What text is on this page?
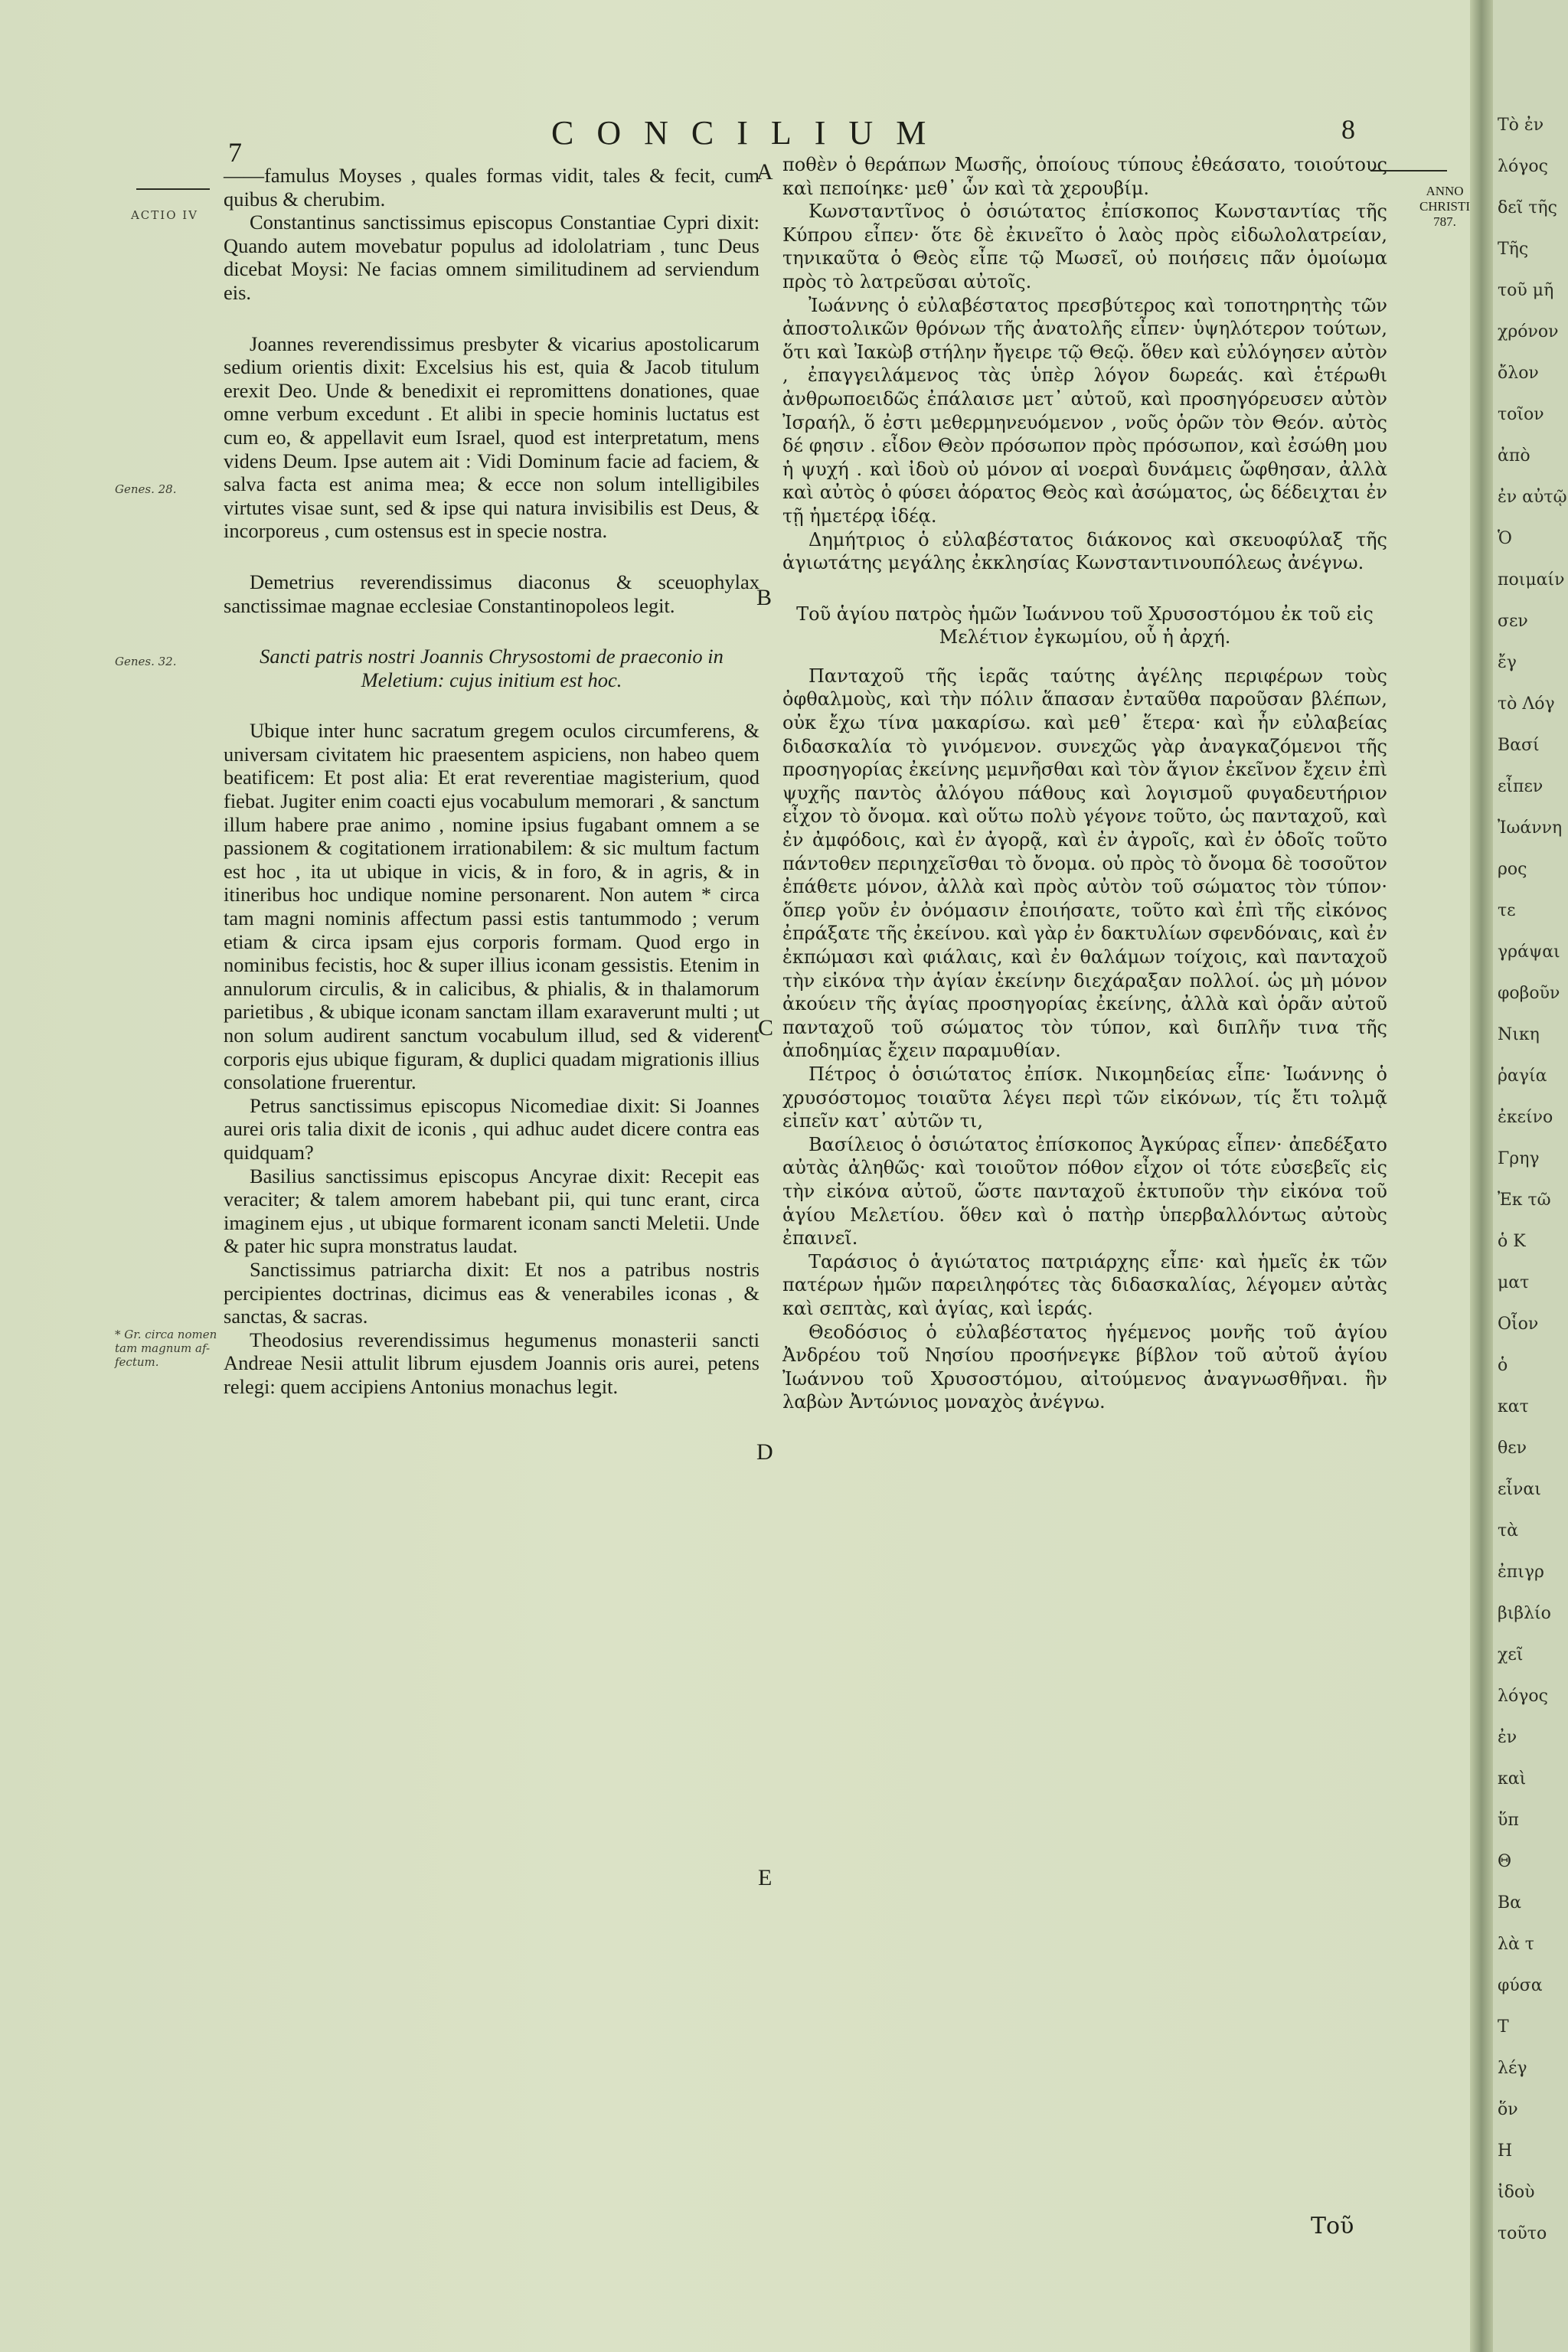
7
CONCILIUM	8
ACTIO IV
Genes. 28.
Genes. 32.
* Gr. circa nomen tam magnum af-fectum.
ANNO CHRISTI
787.
A
B
C
D
E

——famulus Moyses , quales formas vidit, tales & fecit, cum quibus & cherubim.

Constantinus sanctissimus episcopus Constantiae Cypri dixit: Quando autem movebatur populus ad idololatriam , tunc Deus dicebat Moysi: Ne facias omnem similitudinem ad serviendum eis.

Joannes reverendissimus presbyter & vicarius apostolicarum sedium orientis dixit: Excelsius his est, quia & Jacob titulum erexit Deo. Unde & benedixit ei repromittens donationes, quae omne verbum excedunt . Et alibi in specie hominis luctatus est cum eo, & appellavit eum Israel, quod est interpretatum, mens videns Deum. Ipse autem ait : Vidi Dominum facie ad faciem, & salva facta est anima mea; & ecce non solum intelligibiles virtutes visae sunt, sed & ipse qui natura invisibilis est Deus, & incorporeus , cum ostensus est in specie nostra.

Demetrius reverendissimus diaconus & sceuophylax sanctissimae magnae ecclesiae Constantinopoleos legit.

Sancti patris nostri Joannis Chrysostomi de praeconio in Meletium: cujus initium est hoc.

Ubique inter hunc sacratum gregem oculos circumferens, & universam civitatem hic praesentem aspiciens, non habeo quem beatificem: Et post alia: Et erat reverentiae magisterium, quod fiebat. Jugiter enim coacti ejus vocabulum memorari , & sanctum illum habere prae animo , nomine ipsius fugabant omnem a se passionem & cogitationem irrationabilem: & sic multum factum est hoc , ita ut ubique in vicis, & in foro, & in agris, & in itineribus hoc undique nomine personarent. Non autem * circa tam magni nominis affectum passi estis tantummodo ; verum etiam & circa ipsam ejus corporis formam. Quod ergo in nominibus fecistis, hoc & super illius iconam gessistis. Etenim in annulorum circulis, & in calicibus, & phialis, & in thalamorum parietibus , & ubique iconam sanctam illam exaraverunt multi ; ut non solum audirent sanctum vocabulum illud, sed & viderent corporis ejus ubique figuram, & duplici quadam migrationis illius consolatione fruerentur.

Petrus sanctissimus episcopus Nicomediae dixit: Si Joannes aurei oris talia dixit de iconis , qui adhuc audet dicere contra eas quidquam?

Basilius sanctissimus episcopus Ancyrae dixit: Recepit eas veraciter; & talem amorem habebant pii, qui tunc erant, circa imaginem ejus , ut ubique formarent iconam sancti Meletii. Unde & pater hic supra monstratus laudat.

Sanctissimus patriarcha dixit: Et nos a patribus nostris percipientes doctrinas, dicimus eas & venerabiles iconas , & sanctas, & sacras.

Theodosius reverendissimus hegumenus monasterii sancti Andreae Nesii attulit librum ejusdem Joannis oris aurei, petens relegi: quem accipiens Antonius monachus legit.

ποθὲν ὁ θεράπων Μωσῆς, ὁποίους τύπους ἐθεάσατο, τοιούτους καὶ πεποίηκε· μεθ᾽ ὧν καὶ τὰ χερουβίμ.

Κωνσταντῖνος ὁ ὁσιώτατος ἐπίσκοπος Κωνσταντίας τῆς Κύπρου εἶπεν· ὅτε δὲ ἐκινεῖτο ὁ λαὸς πρὸς εἰδωλολατρείαν, τηνικαῦτα ὁ Θεὸς εἶπε τῷ Μωσεῖ, οὐ ποιήσεις πᾶν ὁμοίωμα πρὸς τὸ λατρεῦσαι αὐτοῖς.

Ἰωάννης ὁ εὐλαβέστατος πρεσβύτερος καὶ τοποτηρητὴς τῶν ἀποστολικῶν θρόνων τῆς ἀνατολῆς εἶπεν· ὑψηλότερον τούτων, ὅτι καὶ Ἰακὼβ στήλην ἤγειρε τῷ Θεῷ. ὅθεν καὶ εὐλόγησεν αὐτὸν , ἐπαγγειλάμενος τὰς ὑπὲρ λόγον δωρεάς. καὶ ἑτέρωθι ἀνθρωποειδῶς ἐπάλαισε μετ᾽ αὐτοῦ, καὶ προσηγόρευσεν αὐτὸν Ἰσραήλ, ὅ ἐστι μεθερμηνευόμενον , νοῦς ὁρῶν τὸν Θεόν. αὐτὸς δέ φησιν . εἶδον Θεὸν πρόσωπον πρὸς πρόσωπον, καὶ ἐσώθη μου ἡ ψυχή . καὶ ἰδοὺ οὐ μόνον αἱ νοεραὶ δυνάμεις ὤφθησαν, ἀλλὰ καὶ αὐτὸς ὁ φύσει ἀόρατος Θεὸς καὶ ἀσώματος, ὡς δέδειχται ἐν τῇ ἡμετέρᾳ ἰδέᾳ.

Δημήτριος ὁ εὐλαβέστατος διάκονος καὶ σκευοφύλαξ τῆς ἁγιωτάτης μεγάλης ἐκκλησίας Κωνσταντινουπόλεως ἀνέγνω.

Τοῦ ἁγίου πατρὸς ἡμῶν Ἰωάννου τοῦ Χρυσοστόμου ἐκ τοῦ εἰς Μελέτιον ἐγκωμίου, οὗ ἡ ἀρχή.

Πανταχοῦ τῆς ἱερᾶς ταύτης ἀγέλης περιφέρων τοὺς ὀφθαλμοὺς, καὶ τὴν πόλιν ἅπασαν ἐνταῦθα παροῦσαν βλέπων, οὐκ ἔχω τίνα μακαρίσω. καὶ μεθ᾽ ἕτερα· καὶ ἦν εὐλαβείας διδασκαλία τὸ γινόμενον. συνεχῶς γὰρ ἀναγκαζόμενοι τῆς προσηγορίας ἐκείνης μεμνῆσθαι καὶ τὸν ἅγιον ἐκεῖνον ἔχειν ἐπὶ ψυχῆς παντὸς ἀλόγου πάθους καὶ λογισμοῦ φυγαδευτήριον εἶχον τὸ ὄνομα. καὶ οὕτω πολὺ γέγονε τοῦτο, ὡς πανταχοῦ, καὶ ἐν ἀμφόδοις, καὶ ἐν ἀγορᾷ, καὶ ἐν ἀγροῖς, καὶ ἐν ὁδοῖς τοῦτο πάντοθεν περιηχεῖσθαι τὸ ὄνομα. οὐ πρὸς τὸ ὄνομα δὲ τοσοῦτον ἐπάθετε μόνον, ἀλλὰ καὶ πρὸς αὐτὸν τοῦ σώματος τὸν τύπον· ὅπερ γοῦν ἐν ὀνόμασιν ἐποιήσατε, τοῦτο καὶ ἐπὶ τῆς εἰκόνος ἐπράξατε τῆς ἐκείνου. καὶ γὰρ ἐν δακτυλίων σφενδόναις, καὶ ἐν ἐκπώμασι καὶ φιάλαις, καὶ ἐν θαλάμων τοίχοις, καὶ πανταχοῦ τὴν εἰκόνα τὴν ἁγίαν ἐκείνην διεχάραξαν πολλοί. ὡς μὴ μόνον ἀκούειν τῆς ἁγίας προσηγορίας ἐκείνης, ἀλλὰ καὶ ὁρᾶν αὐτοῦ πανταχοῦ τοῦ σώματος τὸν τύπον, καὶ διπλῆν τινα τῆς ἀποδημίας ἔχειν παραμυθίαν.

Πέτρος ὁ ὁσιώτατος ἐπίσκ. Νικομηδείας εἶπε· Ἰωάννης ὁ χρυσόστομος τοιαῦτα λέγει περὶ τῶν εἰκόνων, τίς ἔτι τολμᾷ εἰπεῖν κατ᾽ αὐτῶν τι,

Βασίλειος ὁ ὁσιώτατος ἐπίσκοπος Ἀγκύρας εἶπεν· ἀπεδέξατο αὐτὰς ἀληθῶς· καὶ τοιοῦτον πόθον εἶχον οἱ τότε εὐσεβεῖς εἰς τὴν εἰκόνα αὐτοῦ, ὥστε πανταχοῦ ἐκτυποῦν τὴν εἰκόνα τοῦ ἁγίου Μελετίου. ὅθεν καὶ ὁ πατὴρ ὑπερβαλλόντως αὐτοὺς ἐπαινεῖ.

Ταράσιος ὁ ἁγιώτατος πατριάρχης εἶπε· καὶ ἡμεῖς ἐκ τῶν πατέρων ἡμῶν παρειληφότες τὰς διδασκαλίας, λέγομεν αὐτὰς καὶ σεπτὰς, καὶ ἁγίας, καὶ ἱεράς.

Θεοδόσιος ὁ εὐλαβέστατος ἡγέμενος μονῆς τοῦ ἁγίου Ἀνδρέου τοῦ Νησίου προσήνεγκε βίβλον τοῦ αὐτοῦ ἁγίου Ἰωάννου τοῦ Χρυσοστόμου, αἰτούμενος ἀναγνωσθῆναι. ἣν λαβὼν Ἀντώνιος μοναχὸς ἀνέγνω.

Τοῦ
Τὸ ἐν
λόγος
δεῖ τῆς
Τῆς
τοῦ μῆ
χρόνον
ὄλον
τοῖον
ἀπὸ
ἐν αὐτῷ
Ὁ
ποιμαίν
σεν
ἔγ
τὸ Λόγ
Βασί
εἶπεν
Ἰωάννη
ρος
τε
γράψαι
φοβοῦν
Νικη
ῥαγία
ἐκείνο
Γρηγ
Ἐκ τῶ
ὁ Κ
ματ
Οἷον
ὁ
κατ
θεν
εἶναι
τὰ
ἐπιγρ
βιβλίο
χεῖ
λόγος
ἐν
καὶ
ὕπ
Θ
Βα
λὰ τ
φύσα
Τ
λέγ
ὅν
Η
ἰδοὺ
τοῦτο
